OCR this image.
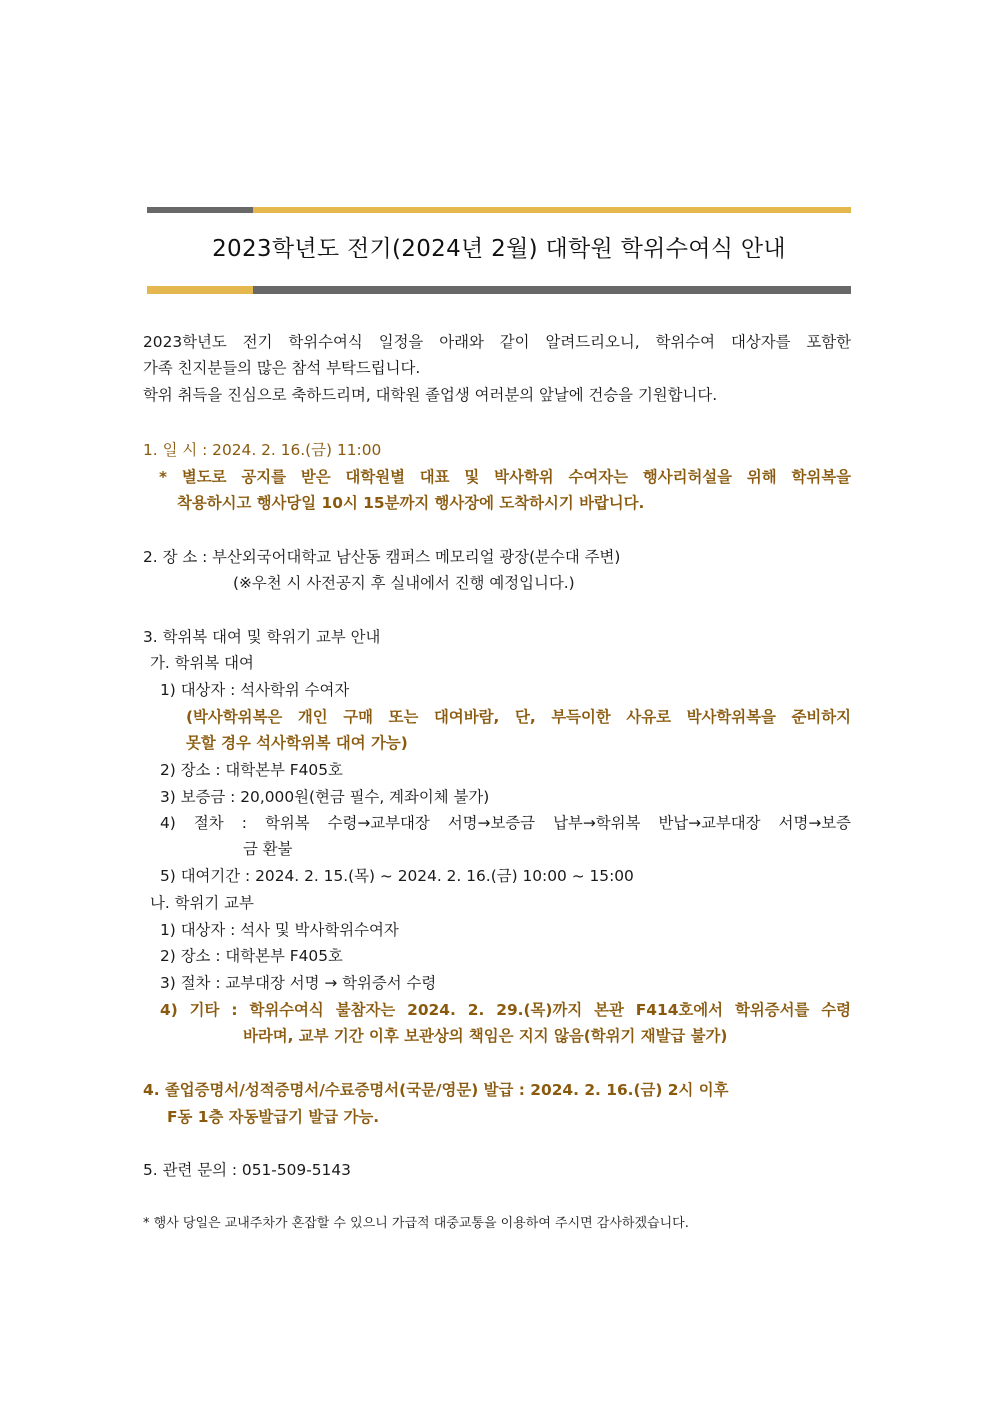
2023학년도 전기(2024년 2월) 대학원 학위수여식 안내
2023학년도 전기 학위수여식 일정을 아래와 같이 알려드리오니, 학위수여 대상자를 포함한
가족 친지분들의 많은 참석 부탁드립니다.
학위 취득을 진심으로 축하드리며, 대학원 졸업생 여러분의 앞날에 건승을 기원합니다.
1. 일 시 : 2024. 2. 16.(금) 11:00
* 별도로 공지를 받은 대학원별 대표 및 박사학위 수여자는 행사리허설을 위해 학위복을
착용하시고 행사당일 10시 15분까지 행사장에 도착하시기 바랍니다.
2. 장 소 : 부산외국어대학교 남산동 캠퍼스 메모리얼 광장(분수대 주변)
(※우천 시 사전공지 후 실내에서 진행 예정입니다.)
3. 학위복 대여 및 학위기 교부 안내
가. 학위복 대여
1) 대상자 : 석사학위 수여자
(박사학위복은 개인 구매 또는 대여바람, 단, 부득이한 사유로 박사학위복을 준비하지
못할 경우 석사학위복 대여 가능)
2) 장소 : 대학본부 F405호
3) 보증금 : 20,000원(현금 필수, 계좌이체 불가)
4) 절차 : 학위복 수령→교부대장 서명→보증금 납부→학위복 반납→교부대장 서명→보증
금 환불
5) 대여기간 : 2024. 2. 15.(목) ~ 2024. 2. 16.(금) 10:00 ~ 15:00
나. 학위기 교부
1) 대상자 : 석사 및 박사학위수여자
2) 장소 : 대학본부 F405호
3) 절차 : 교부대장 서명 → 학위증서 수령
4) 기타 : 학위수여식 불참자는 2024. 2. 29.(목)까지 본관 F414호에서 학위증서를 수령
바라며, 교부 기간 이후 보관상의 책임은 지지 않음(학위기 재발급 불가)
4. 졸업증명서/성적증명서/수료증명서(국문/영문) 발급 : 2024. 2. 16.(금) 2시 이후
F동 1층 자동발급기 발급 가능.
5. 관련 문의 : 051-509-5143
* 행사 당일은 교내주차가 혼잡할 수 있으니 가급적 대중교통을 이용하여 주시면 감사하겠습니다.
